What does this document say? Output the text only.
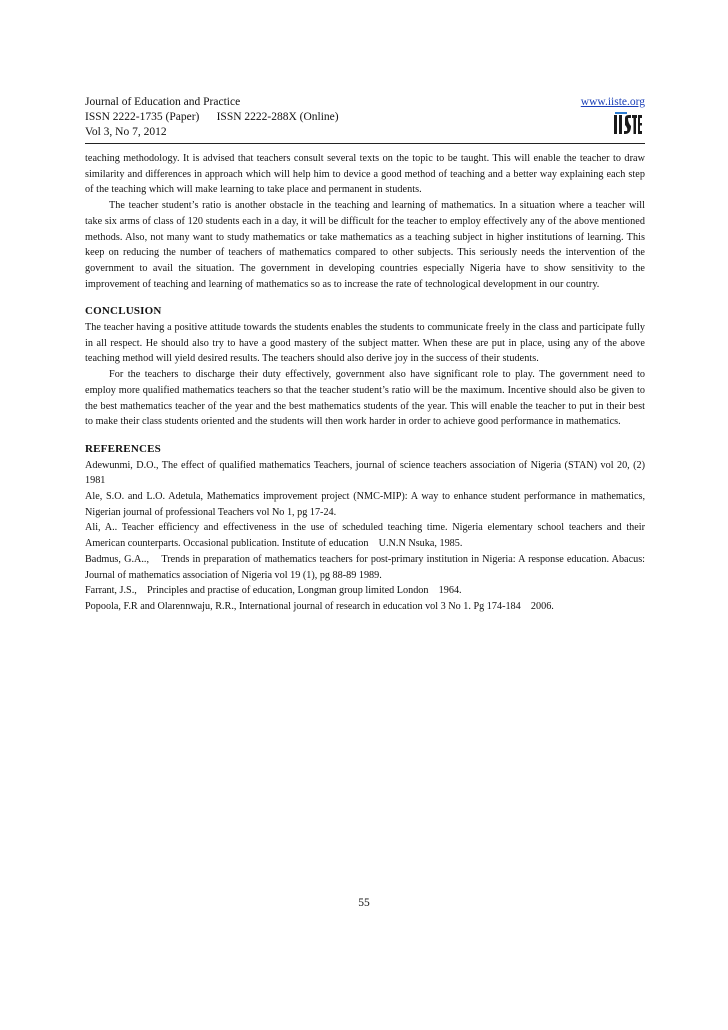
Journal of Education and Practice
ISSN 2222-1735 (Paper)      ISSN 2222-288X (Online)
Vol 3, No 7, 2012
www.iiste.org

teaching methodology. It is advised that teachers consult several texts on the topic to be taught. This will enable the teacher to draw similarity and differences in approach which will help him to device a good method of teaching and a better way explaining each step of the teaching which will make learning to take place and permanent in students.

The teacher student’s ratio is another obstacle in the teaching and learning of mathematics. In a situation where a teacher will take six arms of class of 120 students each in a day, it will be difficult for the teacher to employ effectively any of the above mentioned methods. Also, not many want to study mathematics or take mathematics as a teaching subject in higher institutions of learning. This keep on reducing the number of teachers of mathematics compared to other subjects. This seriously needs the intervention of the government to avail the situation. The government in developing countries especially Nigeria have to show sensitivity to the improvement of teaching and learning of mathematics so as to increase the rate of technological development in our country.

CONCLUSION

The teacher having a positive attitude towards the students enables the students to communicate freely in the class and participate fully in all respect. He should also try to have a good mastery of the subject matter. When these are put in place, using any of the above teaching method will yield desired results. The teachers should also derive joy in the success of their students.

For the teachers to discharge their duty effectively, government also have significant role to play. The government need to employ more qualified mathematics teachers so that the teacher student’s ratio will be the maximum. Incentive should also be given to the best mathematics teacher of the year and the best mathematics students of the year. This will enable the teacher to put in their best to make their class students oriented and the students will then work harder in order to achieve good performance in mathematics.

REFERENCES

Adewunmi, D.O., The effect of qualified mathematics Teachers, journal of science teachers association of Nigeria (STAN) vol 20, (2) 1981

Ale, S.O. and L.O. Adetula, Mathematics improvement project (NMC-MIP): A way to enhance student performance in mathematics, Nigerian journal of professional Teachers vol No 1, pg 17-24.

Ali, A.. Teacher efficiency and effectiveness in the use of scheduled teaching time. Nigeria elementary school teachers and their American counterparts. Occasional publication. Institute of education    U.N.N Nsuka, 1985.

Badmus, G.A..,    Trends in preparation of mathematics teachers for post-primary institution in Nigeria: A response education. Abacus: Journal of mathematics association of Nigeria vol 19 (1), pg 88-89 1989.

Farrant, J.S.,    Principles and practise of education, Longman group limited London    1964.

Popoola, F.R and Olarennwaju, R.R., International journal of research in education vol 3 No 1. Pg 174-184    2006.

55
